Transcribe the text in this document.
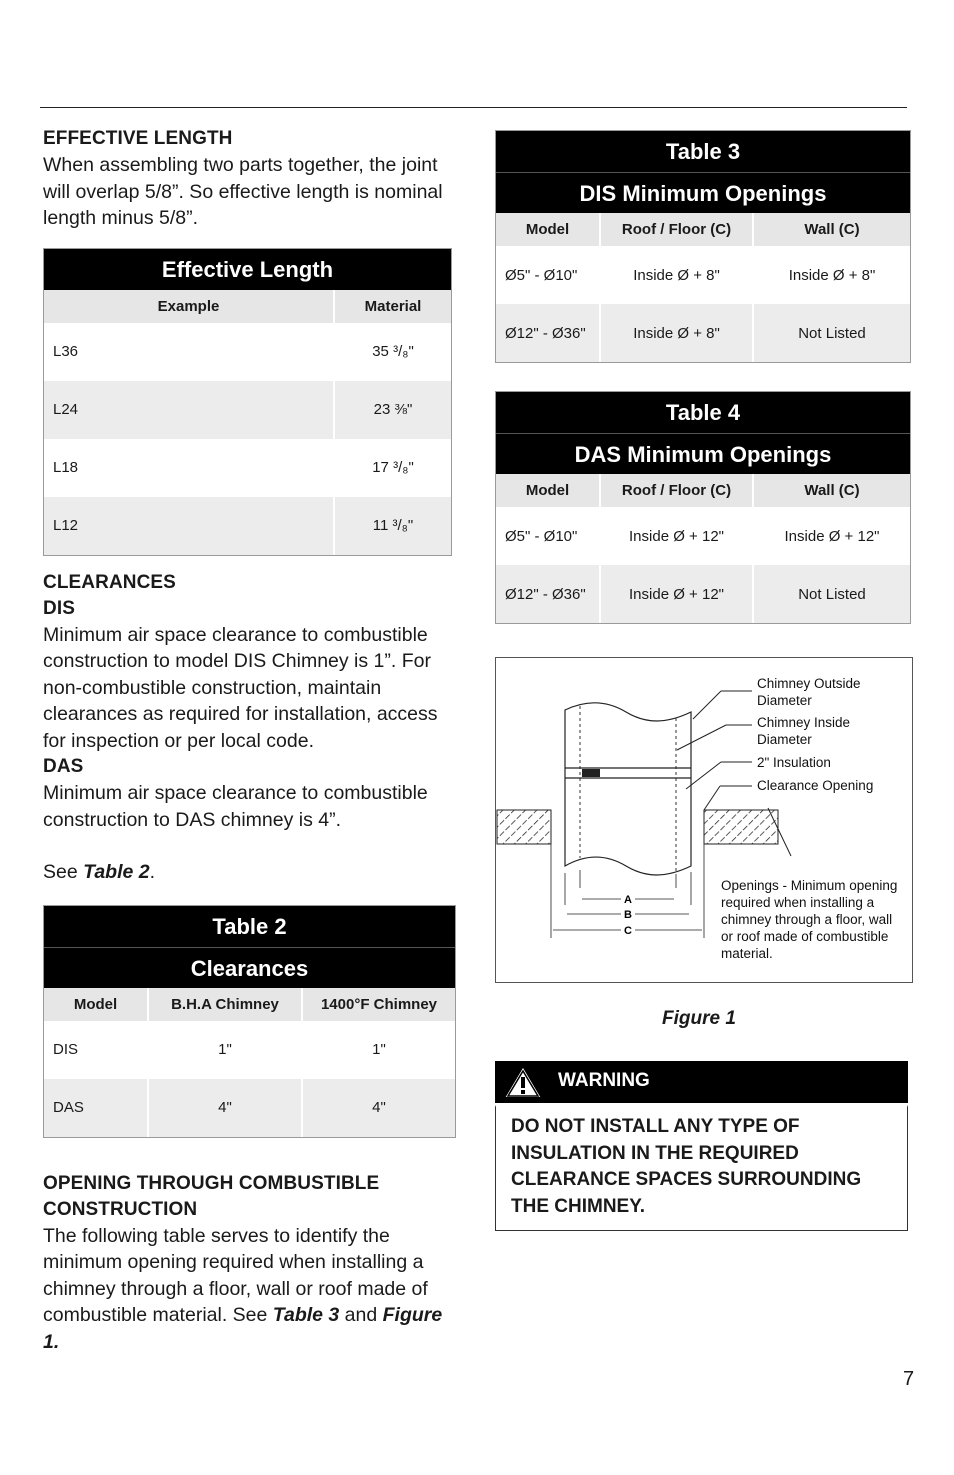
EFFECTIVE LENGTH
When assembling two parts together, the joint will overlap 5/8”. So effective length is nominal length minus 5/8”.
Effective Length
Example	Material
L36	35 ³/₈"
L24	23 ⅜"
L18	17 ³/₈"
L12	11 ³/₈"
CLEARANCES
DIS
Minimum air space clearance to combustible construction to model DIS Chimney is 1”. For non-combustible construction, maintain clearances as required for installation, access for inspection or per local code.
DAS
Minimum air space clearance to combustible construction to DAS chimney is 4”.
See Table 2.
Table 2
Clearances
Model	B.H.A Chimney	1400°F Chimney
DIS	1"	1"
DAS	4"	4"
OPENING THROUGH COMBUSTIBLE CONSTRUCTION
The following table serves to identify the minimum opening required when installing a chimney through a floor, wall or roof made of combustible material. See Table 3 and Figure 1.
Table 3
DIS Minimum Openings
Model	Roof / Floor (C)	Wall (C)
Ø5" - Ø10"	Inside Ø + 8"	Inside Ø + 8"
Ø12" - Ø36"	Inside Ø + 8"	Not Listed
Table 4
DAS Minimum Openings
Model	Roof / Floor (C)	Wall (C)
Ø5" - Ø10"	Inside Ø + 12"	Inside Ø + 12"
Ø12" - Ø36"	Inside Ø + 12"	Not Listed
A
B
C
Chimney Outside Diameter
Chimney Inside Diameter
2" Insulation
Clearance Opening
Openings - Minimum opening required when installing a chimney through a floor, wall or roof made of combustible material.
Figure 1
WARNING
DO NOT INSTALL ANY TYPE OF INSULATION IN THE REQUIRED CLEARANCE SPACES SURROUNDING THE CHIMNEY.
7
